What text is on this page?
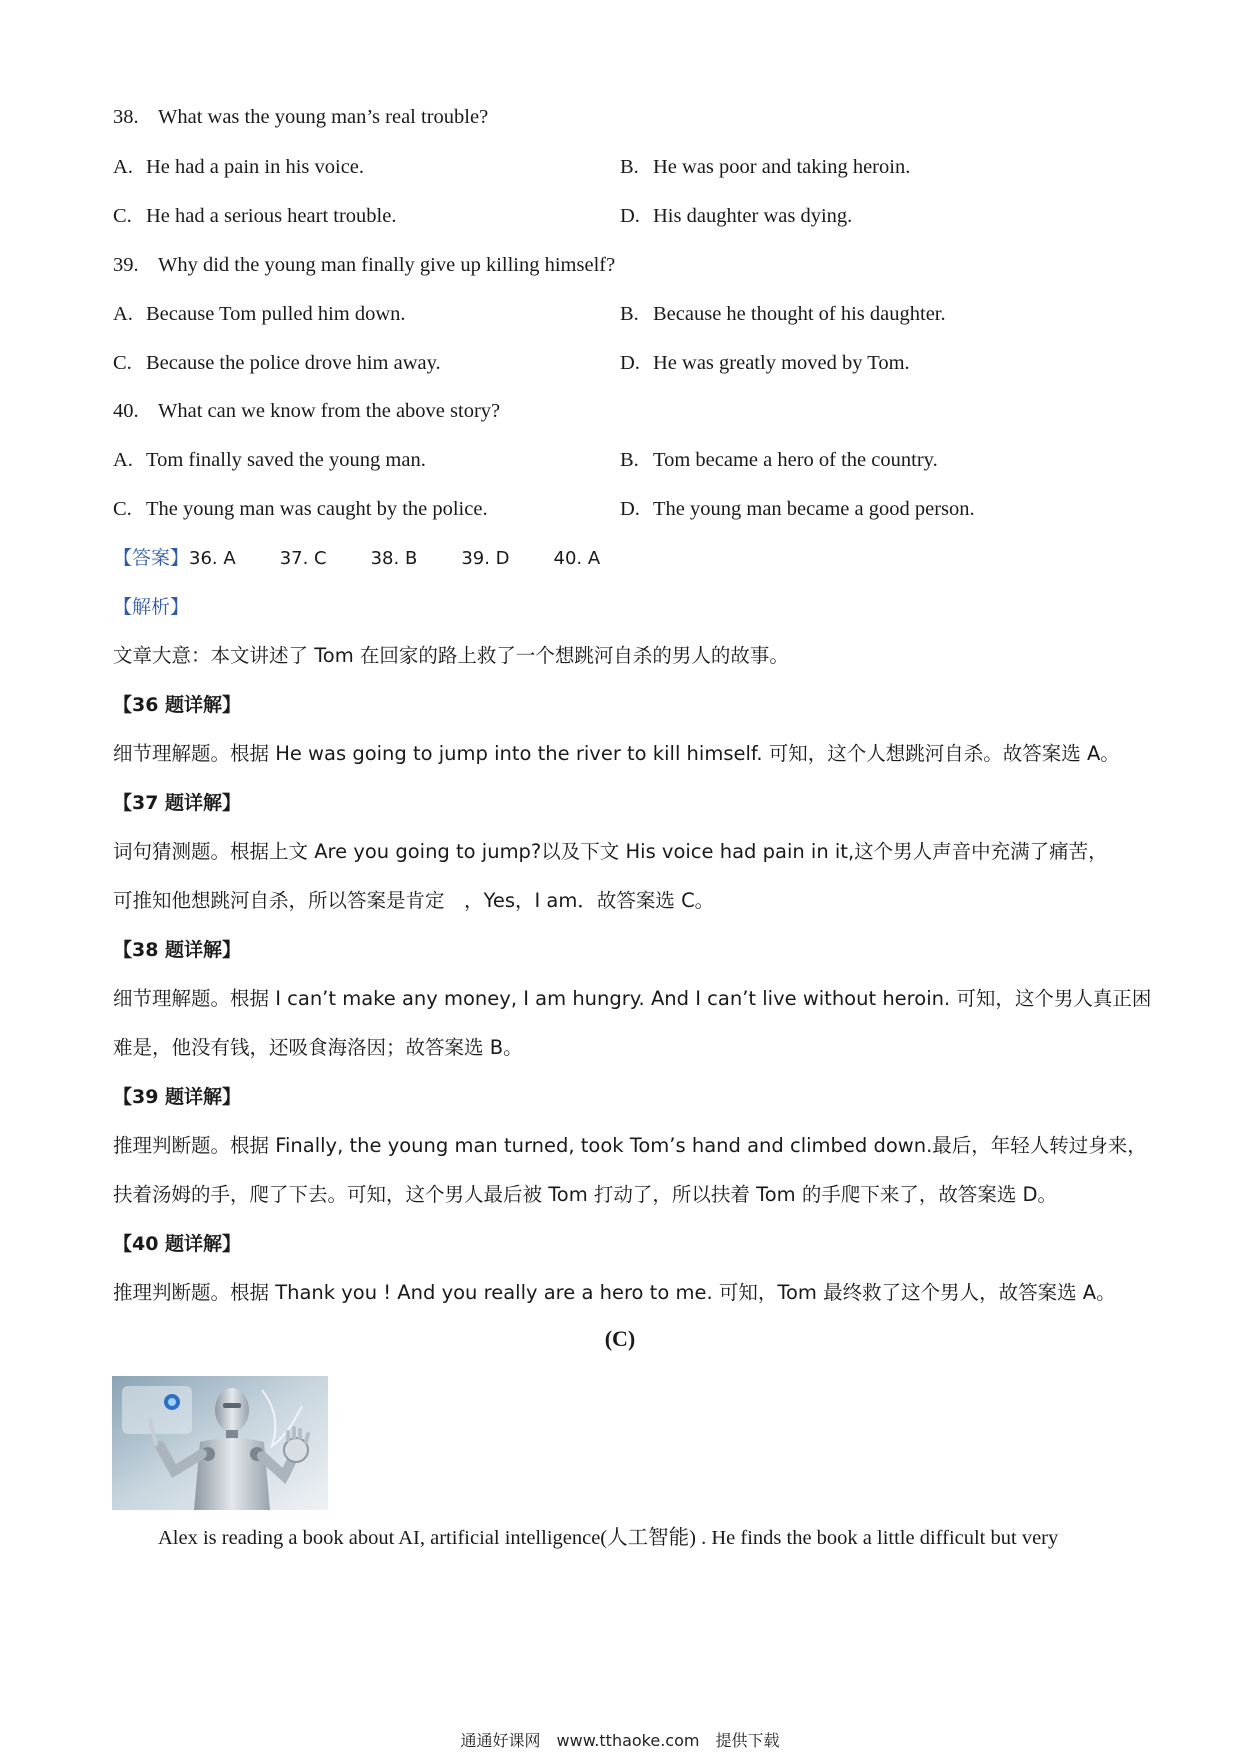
38. What was the young man’s real trouble?
A. He had a pain in his voice.	B. He was poor and taking heroin.
C. He had a serious heart trouble.	D. His daughter was dying.
39. Why did the young man finally give up killing himself?
A. Because Tom pulled him down.	B. Because he thought of his daughter.
C. Because the police drove him away.	D. He was greatly moved by Tom.
40. What can we know from the above story?
A. Tom finally saved the young man.	B. Tom became a hero of the country.
C. The young man was caught by the police.	D. The young man became a good person.
【答案】36. A 37. C 38. B 39. D 40. A
【解析】
文章大意：本文讲述了 Tom 在回家的路上救了一个想跳河自杀的男人的故事。
【36 题详解】
细节理解题。根据 He was going to jump into the river to kill himself. 可知，这个人想跳河自杀。故答案选 A。
【37 题详解】
词句猜测题。根据上文 Are you going to jump?以及下文 His voice had pain in it,这个男人声音中充满了痛苦，
可推知他想跳河自杀，所以答案是肯定　，Yes，I am．故答案选 C。
【38 题详解】
细节理解题。根据 I can’t make any money, I am hungry. And I can’t live without heroin. 可知，这个男人真正困
难是，他没有钱，还吸食海洛因；故答案选 B。
【39 题详解】
推理判断题。根据 Finally, the young man turned, took Tom’s hand and climbed down.最后，年轻人转过身来，
扶着汤姆的手，爬了下去。可知，这个男人最后被 Tom 打动了，所以扶着 Tom 的手爬下来了，故答案选 D。
【40 题详解】
推理判断题。根据 Thank you ! And you really are a hero to me. 可知，Tom 最终救了这个男人，故答案选 A。
(C)
Alex is reading a book about AI, artificial intelligence(人工智能) . He finds the book a little difficult but very
通通好课网　www.tthaoke.com　提供下载
